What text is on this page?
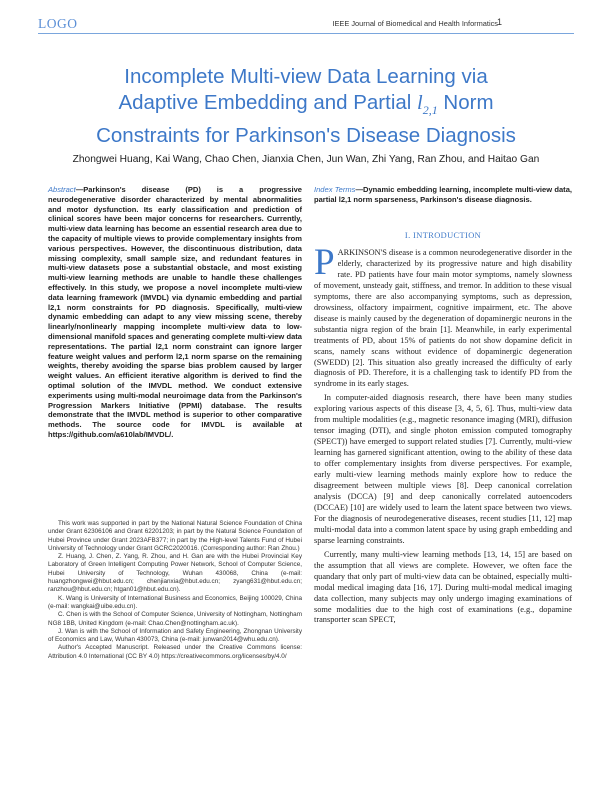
LOGO	IEEE Journal of Biomedical and Health Informatics 1
Incomplete Multi-view Data Learning via
Adaptive Embedding and Partial $l_{2,1}$ Norm
Constraints for Parkinson's Disease Diagnosis
Zhongwei Huang, Kai Wang, Chao Chen, Jianxia Chen, Jun Wan, Zhi Yang, Ran Zhou, and Haitao Gan

Abstract—Parkinson's disease (PD) is a progressive neurodegenerative disorder characterized by mental abnormalities and motor dysfunction. Its early classification and prediction of clinical scores have been major concerns for researchers. Currently, multi-view data learning has become an essential research area due to the capacity of multiple views to provide complementary insights from various perspectives. However, the discontinuous distribution, data missing complexity, small sample size, and redundant features in multi-view datasets pose a substantial obstacle, and most existing multi-view learning methods are unable to handle these challenges effectively. In this study, we propose a novel incomplete multi-view data learning framework (IMVDL) via dynamic embedding and partial l2,1 norm constraints for PD diagnosis. Specifically, multi-view dynamic embedding can adapt to any view missing scene, thereby linearly/nonlinearly mapping incomplete multi-view data to low-dimensional manifold spaces and generating complete multi-view data representations. The partial l2,1 norm constraint can ignore larger feature weight values and perform l2,1 norm sparse on the remaining weights, thereby avoiding the sparse bias problem caused by larger weight values. An efficient iterative algorithm is derived to find the optimal solution of the IMVDL method. We conduct extensive experiments using multi-modal neuroimage data from the Parkinson's Progression Markers Initiative (PPMI) database. The results demonstrate that the IMVDL method is superior to other comparative methods. The source code for IMVDL is available at https://github.com/a610lab/IMVDL/.

This work was supported in part by the National Natural Science Foundation of China under Grant 62306106 and Grant 62201203; in part by the Natural Science Foundation of Hubei Province under Grant 2023AFB377; in part by the High-level Talents Fund of Hubei University of Technology under Grant GCRC2020016. (Corresponding author: Ran Zhou.)

Z. Huang, J. Chen, Z. Yang, R. Zhou, and H. Gan are with the Hubei Provincial Key Laboratory of Green Intelligent Computing Power Network, School of Computer Science, Hubei University of Technology, Wuhan 430068, China (e-mail: huangzhongwei@hbut.edu.cn; chenjianxia@hbut.edu.cn; zyang631@hbut.edu.cn; ranzhou@hbut.edu.cn; htgan01@hbut.edu.cn).

K. Wang is University of International Business and Economics, Beijing 100029, China (e-mail: wangkai@uibe.edu.cn).

C. Chen is with the School of Computer Science, University of Nottingham, Nottingham NG8 1BB, United Kingdom (e-mail: Chao.Chen@nottingham.ac.uk).

J. Wan is with the School of Information and Safety Engineering, Zhongnan University of Economics and Law, Wuhan 430073, China (e-mail: junwan2014@whu.edu.cn).

Author's Accepted Manuscript. Released under the Creative Commons license: Attribution 4.0 International (CC BY 4.0) https://creativecommons.org/licenses/by/4.0/

Index Terms—Dynamic embedding learning, incomplete multi-view data, partial l2,1 norm sparseness, Parkinson's disease diagnosis.
I. INTRODUCTION

PARKINSON'S disease is a common neurodegenerative disorder in the elderly, characterized by its progressive nature and high disability rate. PD patients have four main motor symptoms, namely slowness of movement, unsteady gait, stiffness, and tremor. In addition to these visual symptoms, there are also accompanying symptoms, such as depression, drowsiness, olfactory impairment, cognitive impairment, etc. The above disease is mainly caused by the degeneration of dopaminergic neurons in the substantia nigra region of the brain [1]. Meanwhile, in early experimental treatments of PD, about 15% of patients do not show dopamine deficit in scans, namely scans without evidence of dopaminergic degeneration (SWEDD) [2]. This situation also greatly increased the difficulty of early diagnosis of PD. Therefore, it is a challenging task to identify PD from the syndrome in its early stages.

In computer-aided diagnosis research, there have been many studies exploring various aspects of this disease [3, 4, 5, 6]. Thus, multi-view data from multiple modalities (e.g., magnetic resonance imaging (MRI), diffusion tensor imaging (DTI), and single photon emission computed tomography (SPECT)) have emerged to support related studies [7]. Currently, multi-view learning has garnered significant attention, owing to the ability of these data to offer complementary insights from diverse perspectives. For example, early multi-view learning methods mainly explore how to reduce the disagreement between multiple views [8]. Deep canonical correlation analysis (DCCA) [9] and deep canonically correlated autoencoders (DCCAE) [10] are widely used to learn the latent space between two views. For the diagnosis of neurodegenerative diseases, recent studies [11, 12] map multi-modal data into a common latent space by using graph embedding and sparse learning constraints.

Currently, many multi-view learning methods [13, 14, 15] are based on the assumption that all views are complete. However, we often face the quandary that only part of multi-view data can be obtained, especially multi-modal medical imaging data [16, 17]. During multi-modal medical imaging data collection, many subjects may only undergo imaging examinations of some modalities due to the high cost of examinations (e.g., dopamine transporter scan SPECT,
